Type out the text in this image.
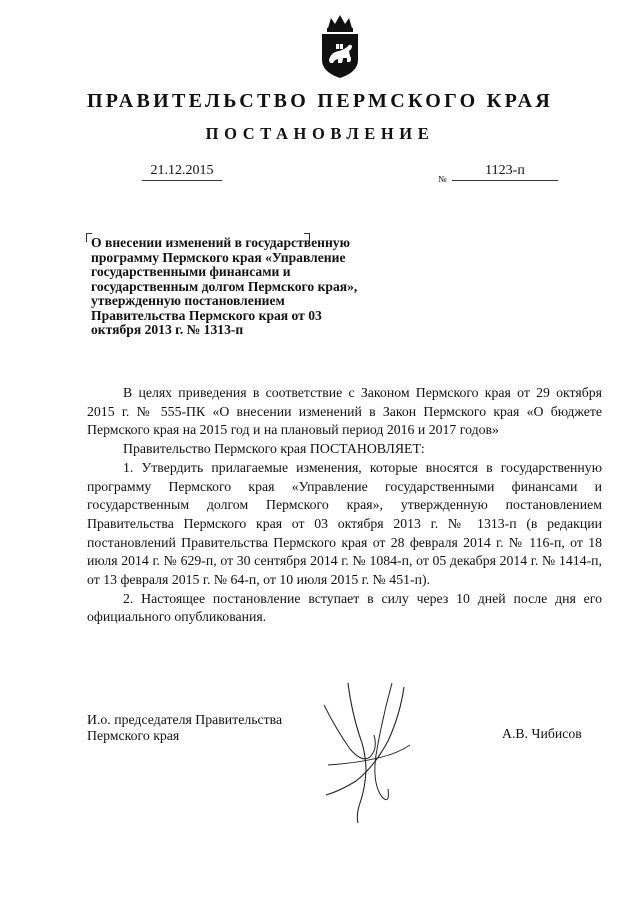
ПРАВИТЕЛЬСТВО ПЕРМСКОГО КРАЯ
ПОСТАНОВЛЕНИЕ
21.12.2015
№
1123-п

О внесении изменений в государственную программу Пермского края «Управление государственными финансами и государственным долгом Пермского края», утвержденную постановлением Правительства Пермского края от 03 октября 2013 г. № 1313-п

В целях приведения в соответствие с Законом Пермского края от 29 октября 2015 г. № 555-ПК «О внесении изменений в Закон Пермского края «О бюджете Пермского края на 2015 год и на плановый период 2016 и 2017 годов»

Правительство Пермского края ПОСТАНОВЛЯЕТ:

1. Утвердить прилагаемые изменения, которые вносятся в государственную программу Пермского края «Управление государственными финансами и государственным долгом Пермского края», утвержденную постановлением Правительства Пермского края от 03 октября 2013 г. № 1313-п (в редакции постановлений Правительства Пермского края от 28 февраля 2014 г. № 116-п, от 18 июля 2014 г. № 629-п, от 30 сентября 2014 г. № 1084-п, от 05 декабря 2014 г. № 1414-п, от 13 февраля 2015 г. № 64-п, от 10 июля 2015 г. № 451-п).

2. Настоящее постановление вступает в силу через 10 дней после дня его официального опубликования.

И.о. председателя Правительства
Пермского края	А.В. Чибисов
